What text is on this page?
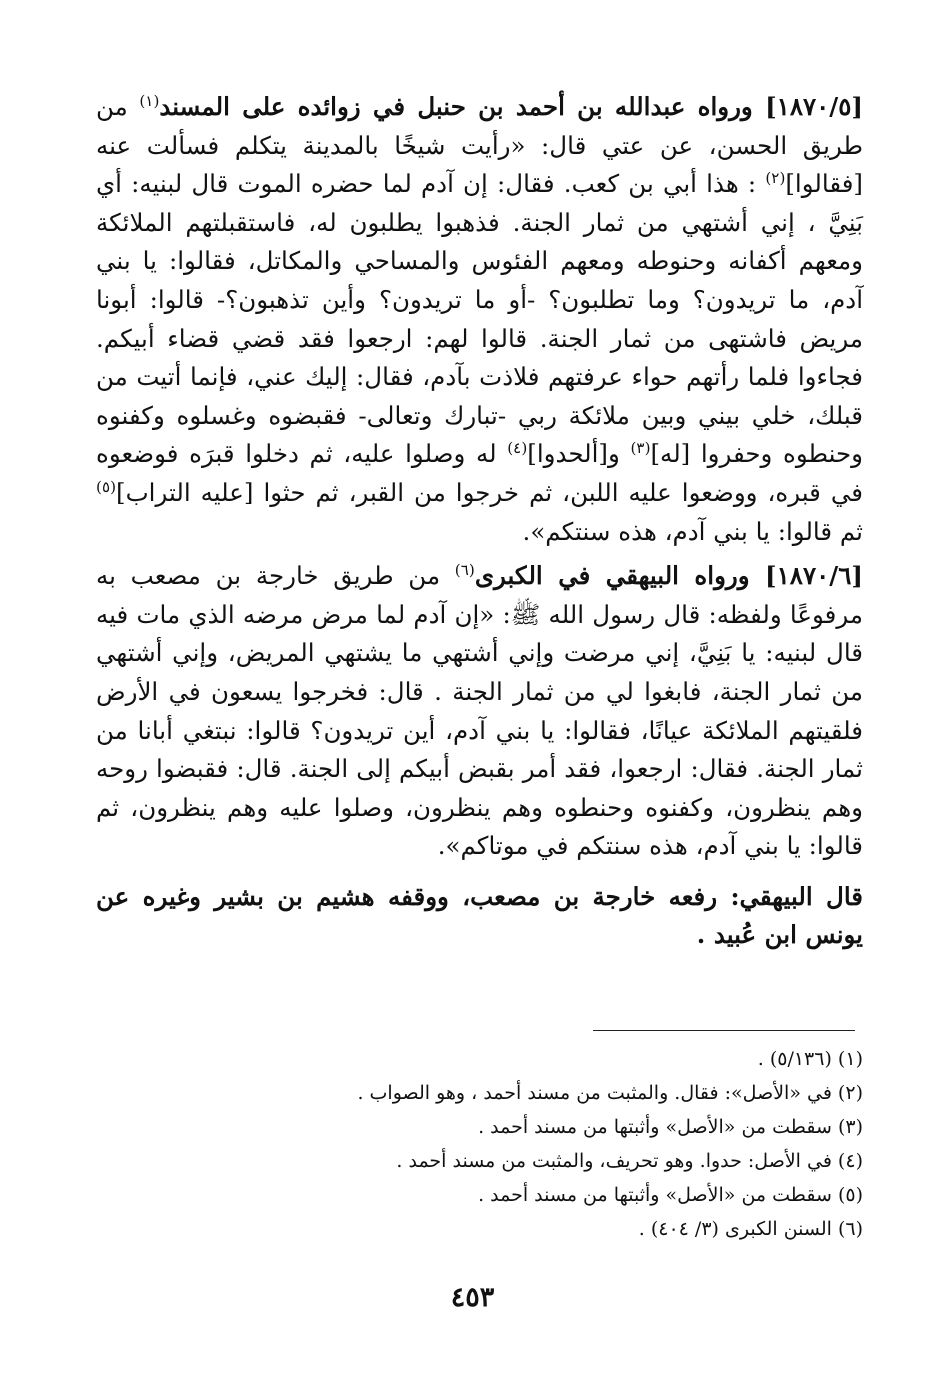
[١٨٧٠/٥] ورواه عبدالله بن أحمد بن حنبل في زوائده على المسند$^{(١)}$ من طريق الحسن، عن عتي قال: «رأيت شيخًا بالمدينة يتكلم فسألت عنه [فقالوا]$^{(٢)}$ : هذا أبي بن كعب. فقال: إن آدم لما حضره الموت قال لبنيه: أي بَنِيَّ ، إني أشتهي من ثمار الجنة. فذهبوا يطلبون له، فاستقبلتهم الملائكة ومعهم أكفانه وحنوطه ومعهم الفئوس والمساحي والمكاتل، فقالوا: يا بني آدم، ما تريدون؟ وما تطلبون؟ -أو ما تريدون؟ وأين تذهبون؟- قالوا: أبونا مريض فاشتهى من ثمار الجنة. قالوا لهم: ارجعوا فقد قضي قضاء أبيكم. فجاءوا فلما رأتهم حواء عرفتهم فلاذت بآدم، فقال: إليك عني، فإنما أتيت من قبلك، خلي بيني وبين ملائكة ربي -تبارك وتعالى- فقبضوه وغسلوه وكفنوه وحنطوه وحفروا [له]$^{(٣)}$ و[ألحدوا]$^{(٤)}$ له وصلوا عليه، ثم دخلوا قبرَه فوضعوه في قبره، ووضعوا عليه اللبن، ثم خرجوا من القبر، ثم حثوا [عليه التراب]$^{(٥)}$ ثم قالوا: يا بني آدم، هذه سنتكم».

[١٨٧٠/٦] ورواه البيهقي في الكبرى$^{(٦)}$ من طريق خارجة بن مصعب به مرفوعًا ولفظه: قال رسول الله ﷺ: «إن آدم لما مرض مرضه الذي مات فيه قال لبنيه: يا بَنِيَّ، إني مرضت وإني أشتهي ما يشتهي المريض، وإني أشتهي من ثمار الجنة، فابغوا لي من ثمار الجنة . قال: فخرجوا يسعون في الأرض فلقيتهم الملائكة عيانًا، فقالوا: يا بني آدم، أين تريدون؟ قالوا: نبتغي أبانا من ثمار الجنة. فقال: ارجعوا، فقد أمر بقبض أبيكم إلى الجنة. قال: فقبضوا روحه وهم ينظرون، وكفنوه وحنطوه وهم ينظرون، وصلوا عليه وهم ينظرون، ثم قالوا: يا بني آدم، هذه سنتكم في موتاكم».

قال البيهقي: رفعه خارجة بن مصعب، ووقفه هشيم بن بشير وغيره عن يونس ابن عُبيد .

(١) (٥/١٣٦) .
(٢) في «الأصل»: فقال. والمثبت من مسند أحمد ، وهو الصواب .
(٣) سقطت من «الأصل» وأثبتها من مسند أحمد .
(٤) في الأصل: حدوا. وهو تحريف، والمثبت من مسند أحمد .
(٥) سقطت من «الأصل» وأثبتها من مسند أحمد .
(٦) السنن الكبرى (٣/ ٤٠٤) .
٤٥٣
